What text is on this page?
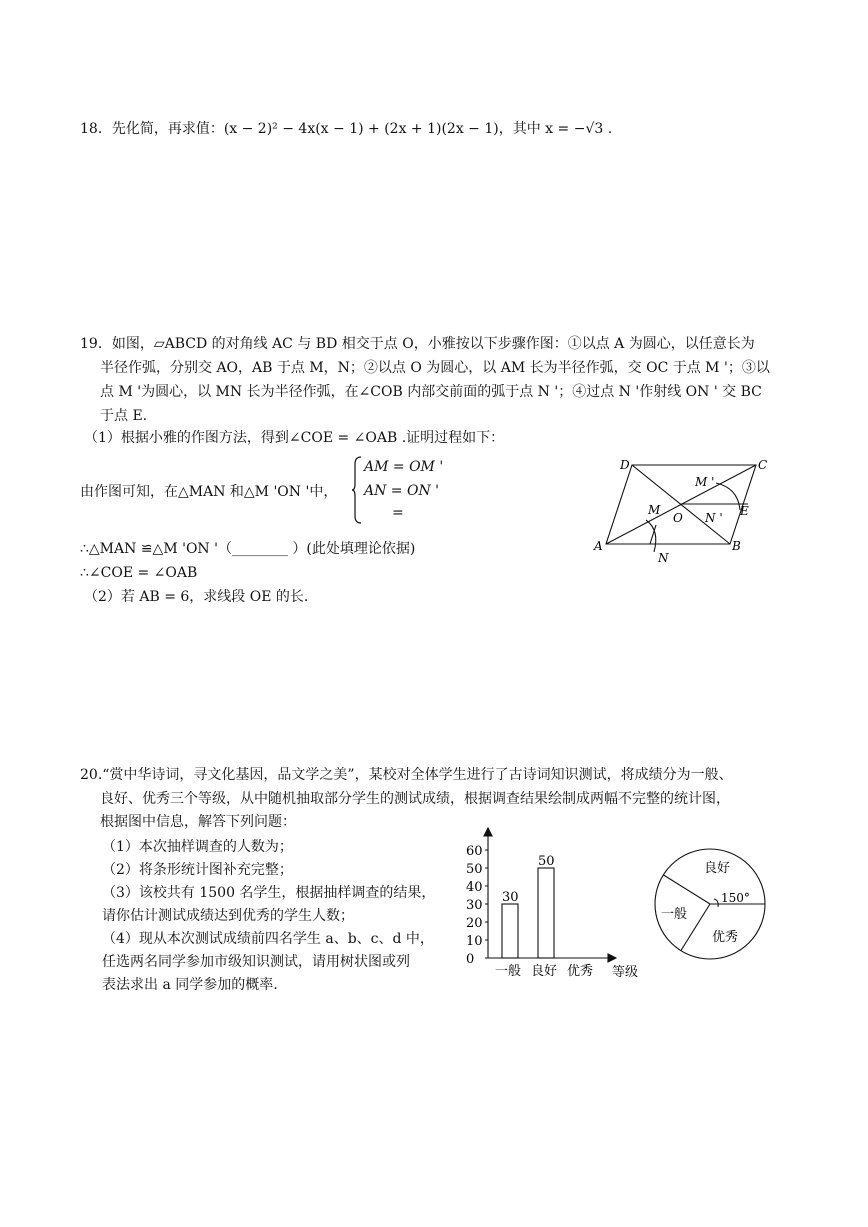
18．先化简，再求值：(x − 2)² − 4x(x − 1) + (2x + 1)(2x − 1)，其中 x = −√3 .
19．如图，▱ABCD 的对角线 AC 与 BD 相交于点 O，小雅按以下步骤作图：①以点 A 为圆心，以任意长为
半径作弧，分别交 AO，AB 于点 M，N；②以点 O 为圆心，以 AM 长为半径作弧，交 OC 于点 M '；③以
点 M '为圆心，以 MN 长为半径作弧，在∠COB 内部交前面的弧于点 N '；④过点 N '作射线 ON ' 交 BC
于点 E.
（1）根据小雅的作图方法，得到∠COE = ∠OAB .证明过程如下：
由作图可知，在△MAN 和△M 'ON '中，
AM = OM '
AN = ON '
=
∴△MAN ≌△M 'ON '（________ ）(此处填理论依据)
∴∠COE = ∠OAB
（2）若 AB = 6，求线段 OE 的长.
D	C
A	B
O
M
N
M '
N ' E
20.“赏中华诗词，寻文化基因，品文学之美”，某校对全体学生进行了古诗词知识测试，将成绩分为一般、
良好、优秀三个等级，从中随机抽取部分学生的测试成绩，根据调查结果绘制成两幅不完整的统计图，
根据图中信息，解答下列问题：
（1）本次抽样调查的人数为；
（2）将条形统计图补充完整；
（3）该校共有 1500 名学生，根据抽样调查的结果，
请你估计测试成绩达到优秀的学生人数；
（4）现从本次测试成绩前四名学生 a、b、c、d 中，
任选两名同学参加市级知识测试，请用树状图或列
表法求出 a 同学参加的概率.
0
10
20
30
40
50
60
30
一般
50
良好 优秀 等级
良好
一般
优秀
150°
